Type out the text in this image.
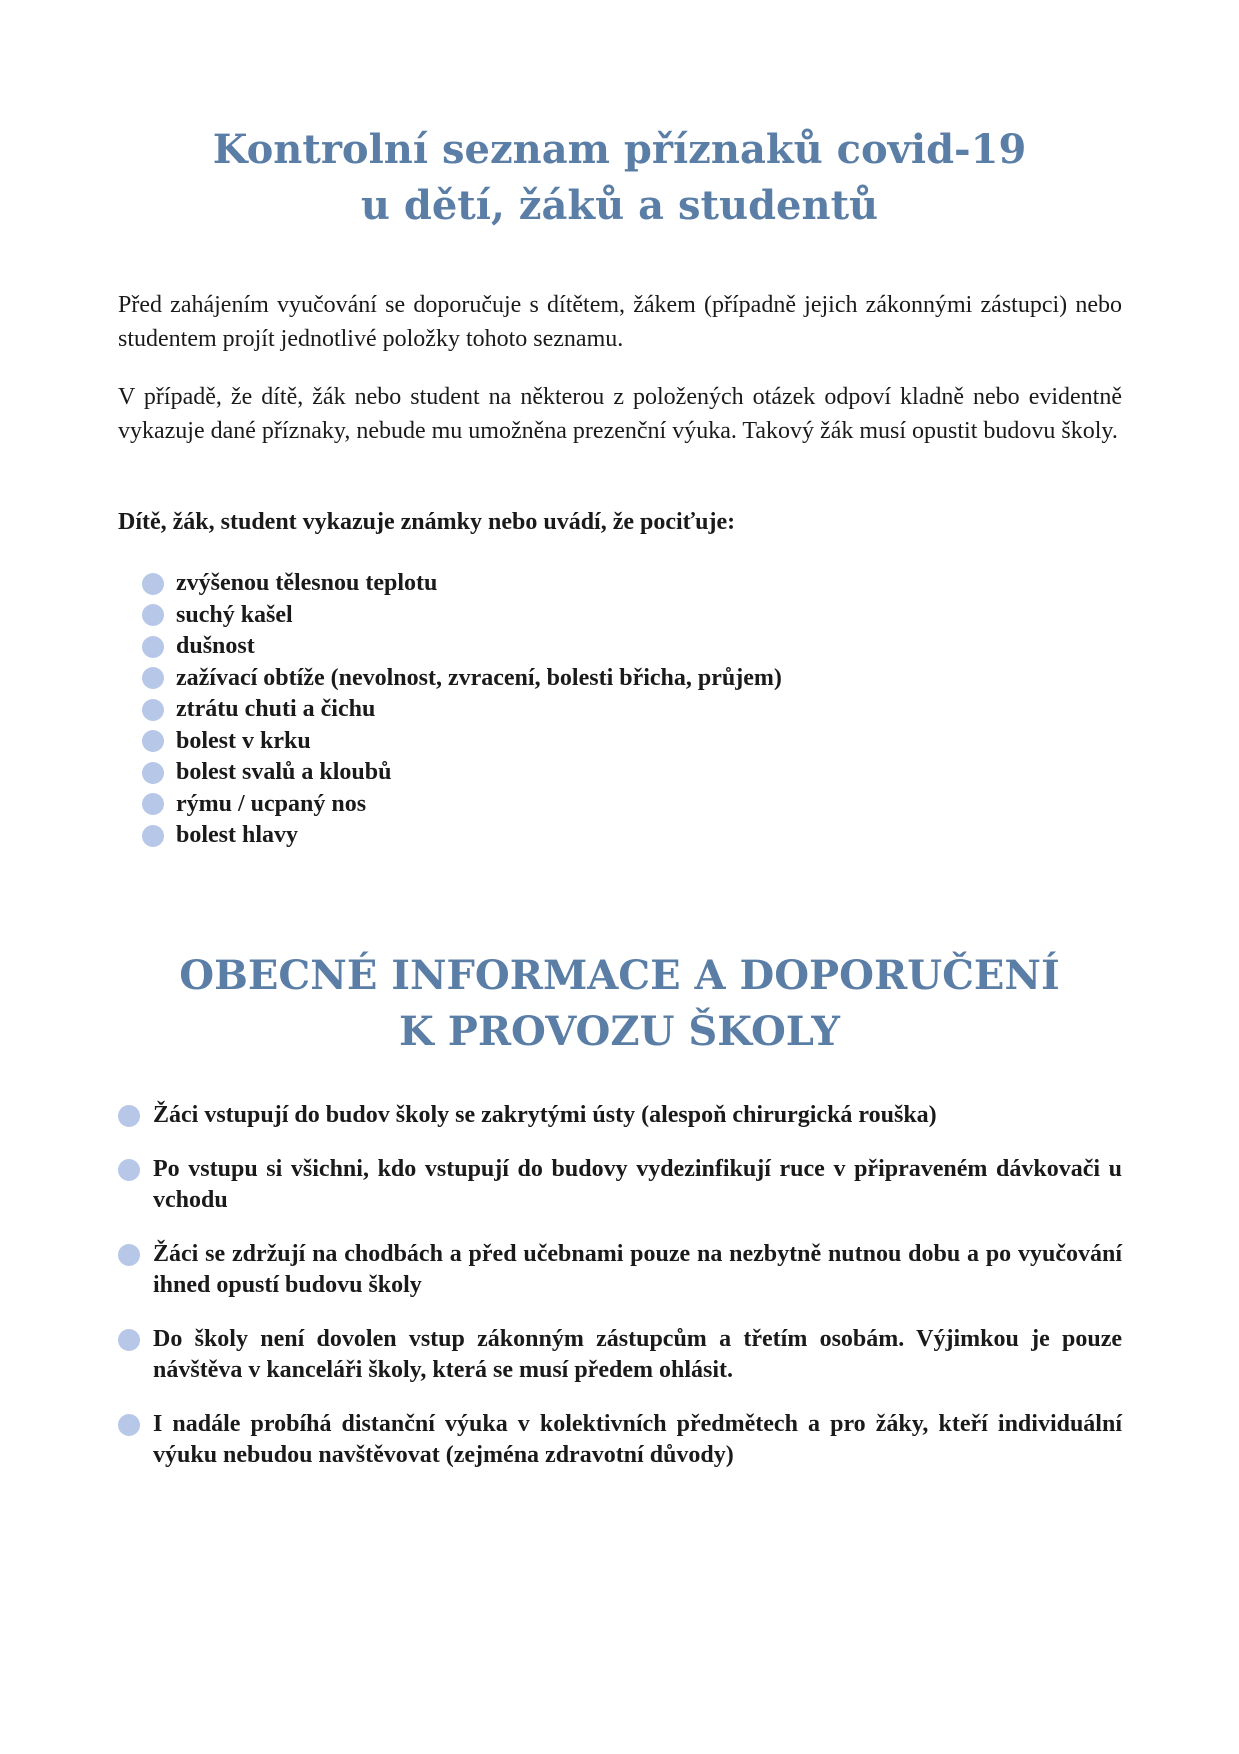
Kontrolní seznam příznaků covid-19
u dětí, žáků a studentů

Před zahájením vyučování se doporučuje s dítětem, žákem (případně jejich zákonnými zástupci) nebo studentem projít jednotlivé položky tohoto seznamu.

V případě, že dítě, žák nebo student na některou z položených otázek odpoví kladně nebo evidentně vykazuje dané příznaky, nebude mu umožněna prezenční výuka. Takový žák musí opustit budovu školy.

Dítě, žák, student vykazuje známky nebo uvádí, že pociťuje:

zvýšenou tělesnou teplotu
suchý kašel
dušnost
zažívací obtíže (nevolnost, zvracení, bolesti břicha, průjem)
ztrátu chuti a čichu
bolest v krku
bolest svalů a kloubů
rýmu / ucpaný nos
bolest hlavy
OBECNÉ INFORMACE A DOPORUČENÍ
K PROVOZU ŠKOLY
Žáci vstupují do budov školy se zakrytými ústy (alespoň chirurgická rouška)
Po vstupu si všichni, kdo vstupují do budovy vydezinfikují ruce v připraveném dávkovači u vchodu
Žáci se zdržují na chodbách a před učebnami pouze na nezbytně nutnou dobu a po vyučování ihned opustí budovu školy
Do školy není dovolen vstup zákonným zástupcům a třetím osobám. Výjimkou je pouze návštěva v kanceláři školy, která se musí předem ohlásit.
I nadále probíhá distanční výuka v kolektivních předmětech a pro žáky, kteří individuální výuku nebudou navštěvovat (zejména zdravotní důvody)
